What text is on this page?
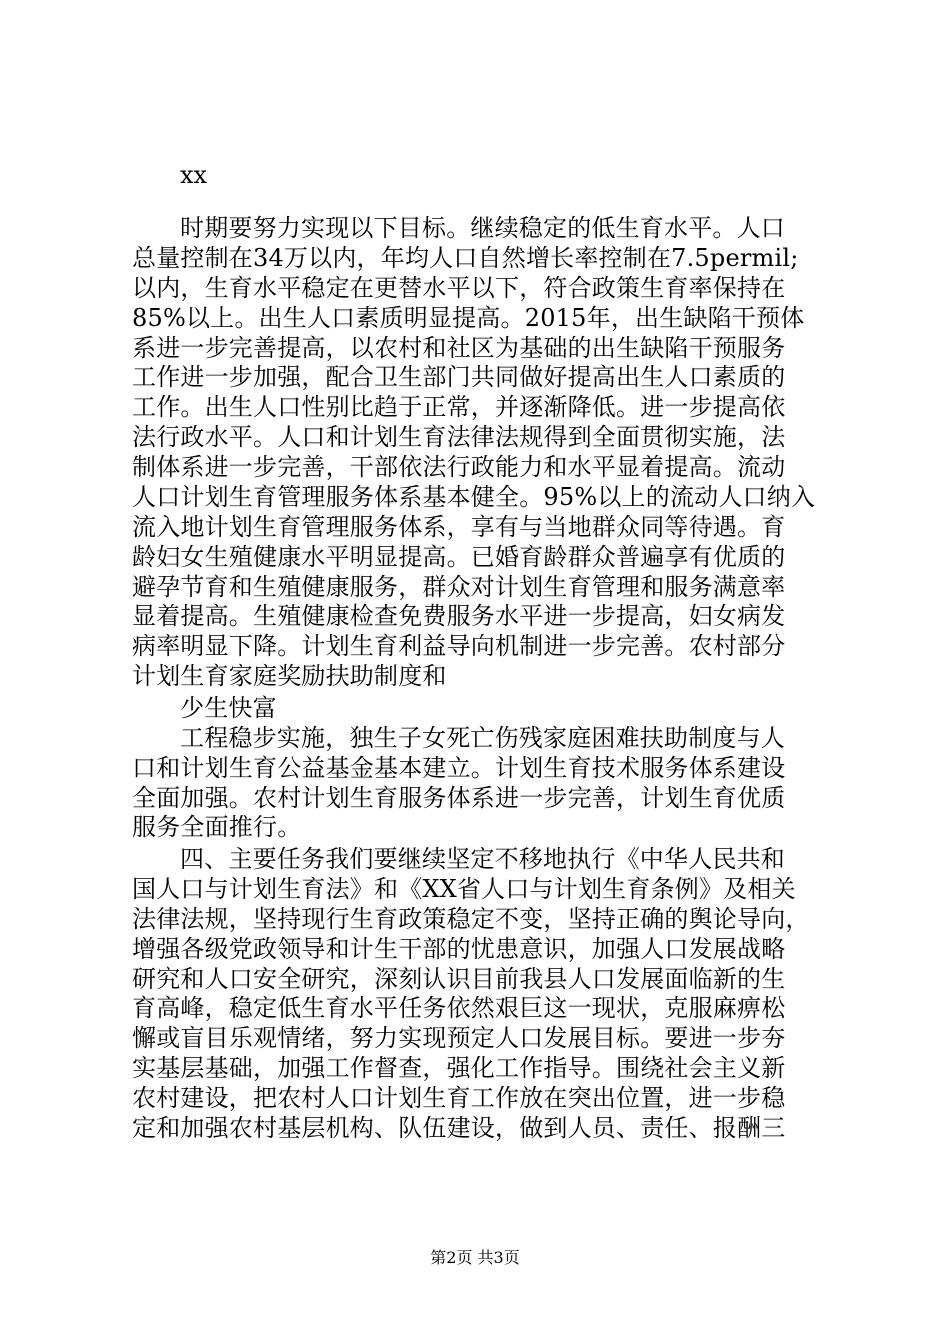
xx
时期要努力实现以下目标。继续稳定的低生育水平。人口
总量控制在34万以内，年均人口自然增长率控制在7.5permil;
以内，生育水平稳定在更替水平以下，符合政策生育率保持在
85%以上。出生人口素质明显提高。2015年，出生缺陷干预体
系进一步完善提高，以农村和社区为基础的出生缺陷干预服务
工作进一步加强，配合卫生部门共同做好提高出生人口素质的
工作。出生人口性别比趋于正常，并逐渐降低。进一步提高依
法行政水平。人口和计划生育法律法规得到全面贯彻实施，法
制体系进一步完善，干部依法行政能力和水平显着提高。流动
人口计划生育管理服务体系基本健全。95%以上的流动人口纳入
流入地计划生育管理服务体系，享有与当地群众同等待遇。育
龄妇女生殖健康水平明显提高。已婚育龄群众普遍享有优质的
避孕节育和生殖健康服务，群众对计划生育管理和服务满意率
显着提高。生殖健康检查免费服务水平进一步提高，妇女病发
病率明显下降。计划生育利益导向机制进一步完善。农村部分
计划生育家庭奖励扶助制度和
少生快富
工程稳步实施，独生子女死亡伤残家庭困难扶助制度与人
口和计划生育公益基金基本建立。计划生育技术服务体系建设
全面加强。农村计划生育服务体系进一步完善，计划生育优质
服务全面推行。
四、主要任务我们要继续坚定不移地执行《中华人民共和
国人口与计划生育法》和《XX省人口与计划生育条例》及相关
法律法规，坚持现行生育政策稳定不变，坚持正确的舆论导向，
增强各级党政领导和计生干部的忧患意识，加强人口发展战略
研究和人口安全研究，深刻认识目前我县人口发展面临新的生
育高峰，稳定低生育水平任务依然艰巨这一现状，克服麻痹松
懈或盲目乐观情绪，努力实现预定人口发展目标。要进一步夯
实基层基础，加强工作督查，强化工作指导。围绕社会主义新
农村建设，把农村人口计划生育工作放在突出位置，进一步稳
定和加强农村基层机构、队伍建设，做到人员、责任、报酬三
第2页 共3页
